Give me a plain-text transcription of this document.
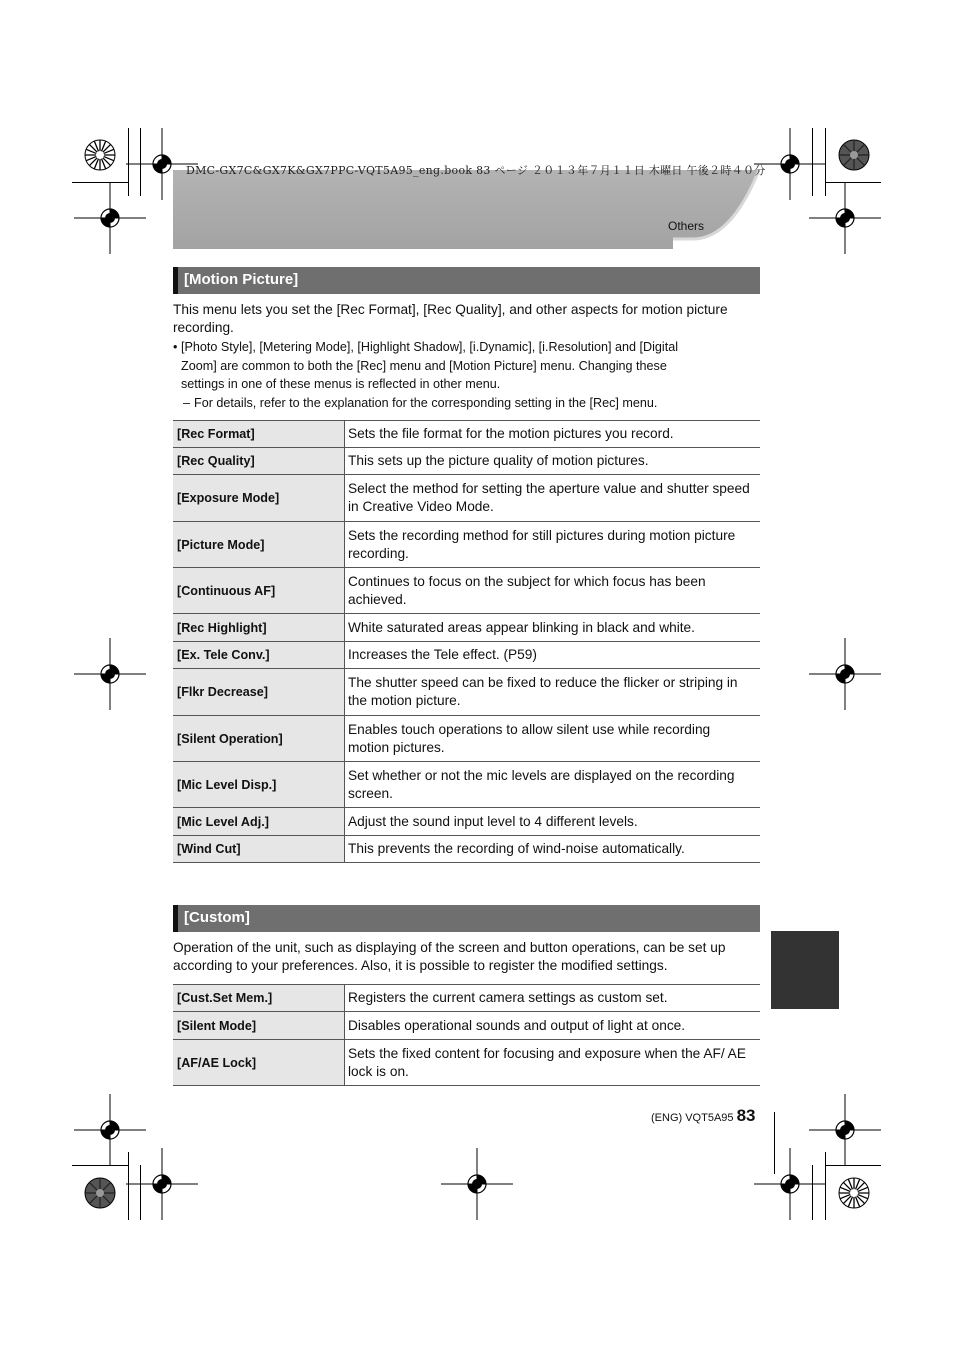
DMC-GX7C&GX7K&GX7PPC-VQT5A95_eng.book 83 ページ ２０１３年７月１１日 木曜日 午後２時４０分
Others
[Motion Picture]
This menu lets you set the [Rec Format], [Rec Quality], and other aspects for motion picture recording.
• [Photo Style], [Metering Mode], [Highlight Shadow], [i.Dynamic], [i.Resolution] and [Digital
Zoom] are common to both the [Rec] menu and [Motion Picture] menu. Changing these
settings in one of these menus is reflected in other menu.
– For details, refer to the explanation for the corresponding setting in the [Rec] menu.
[Rec Format]	Sets the file format for the motion pictures you record.
[Rec Quality]	This sets up the picture quality of motion pictures.
[Exposure Mode]	Select the method for setting the aperture value and shutter speed in Creative Video Mode.
[Picture Mode]	Sets the recording method for still pictures during motion picture recording.
[Continuous AF]	Continues to focus on the subject for which focus has been achieved.
[Rec Highlight]	White saturated areas appear blinking in black and white.
[Ex. Tele Conv.]	Increases the Tele effect. (P59)
[Flkr Decrease]	The shutter speed can be fixed to reduce the flicker or striping in the motion picture.
[Silent Operation]	Enables touch operations to allow silent use while recording motion pictures.
[Mic Level Disp.]	Set whether or not the mic levels are displayed on the recording screen.
[Mic Level Adj.]	Adjust the sound input level to 4 different levels.
[Wind Cut]	This prevents the recording of wind-noise automatically.
[Custom]
Operation of the unit, such as displaying of the screen and button operations, can be set up according to your preferences. Also, it is possible to register the modified settings.
[Cust.Set Mem.]	Registers the current camera settings as custom set.
[Silent Mode]	Disables operational sounds and output of light at once.
[AF/AE Lock]	Sets the fixed content for focusing and exposure when the AF/ AE lock is on.
(ENG) VQT5A95 83
